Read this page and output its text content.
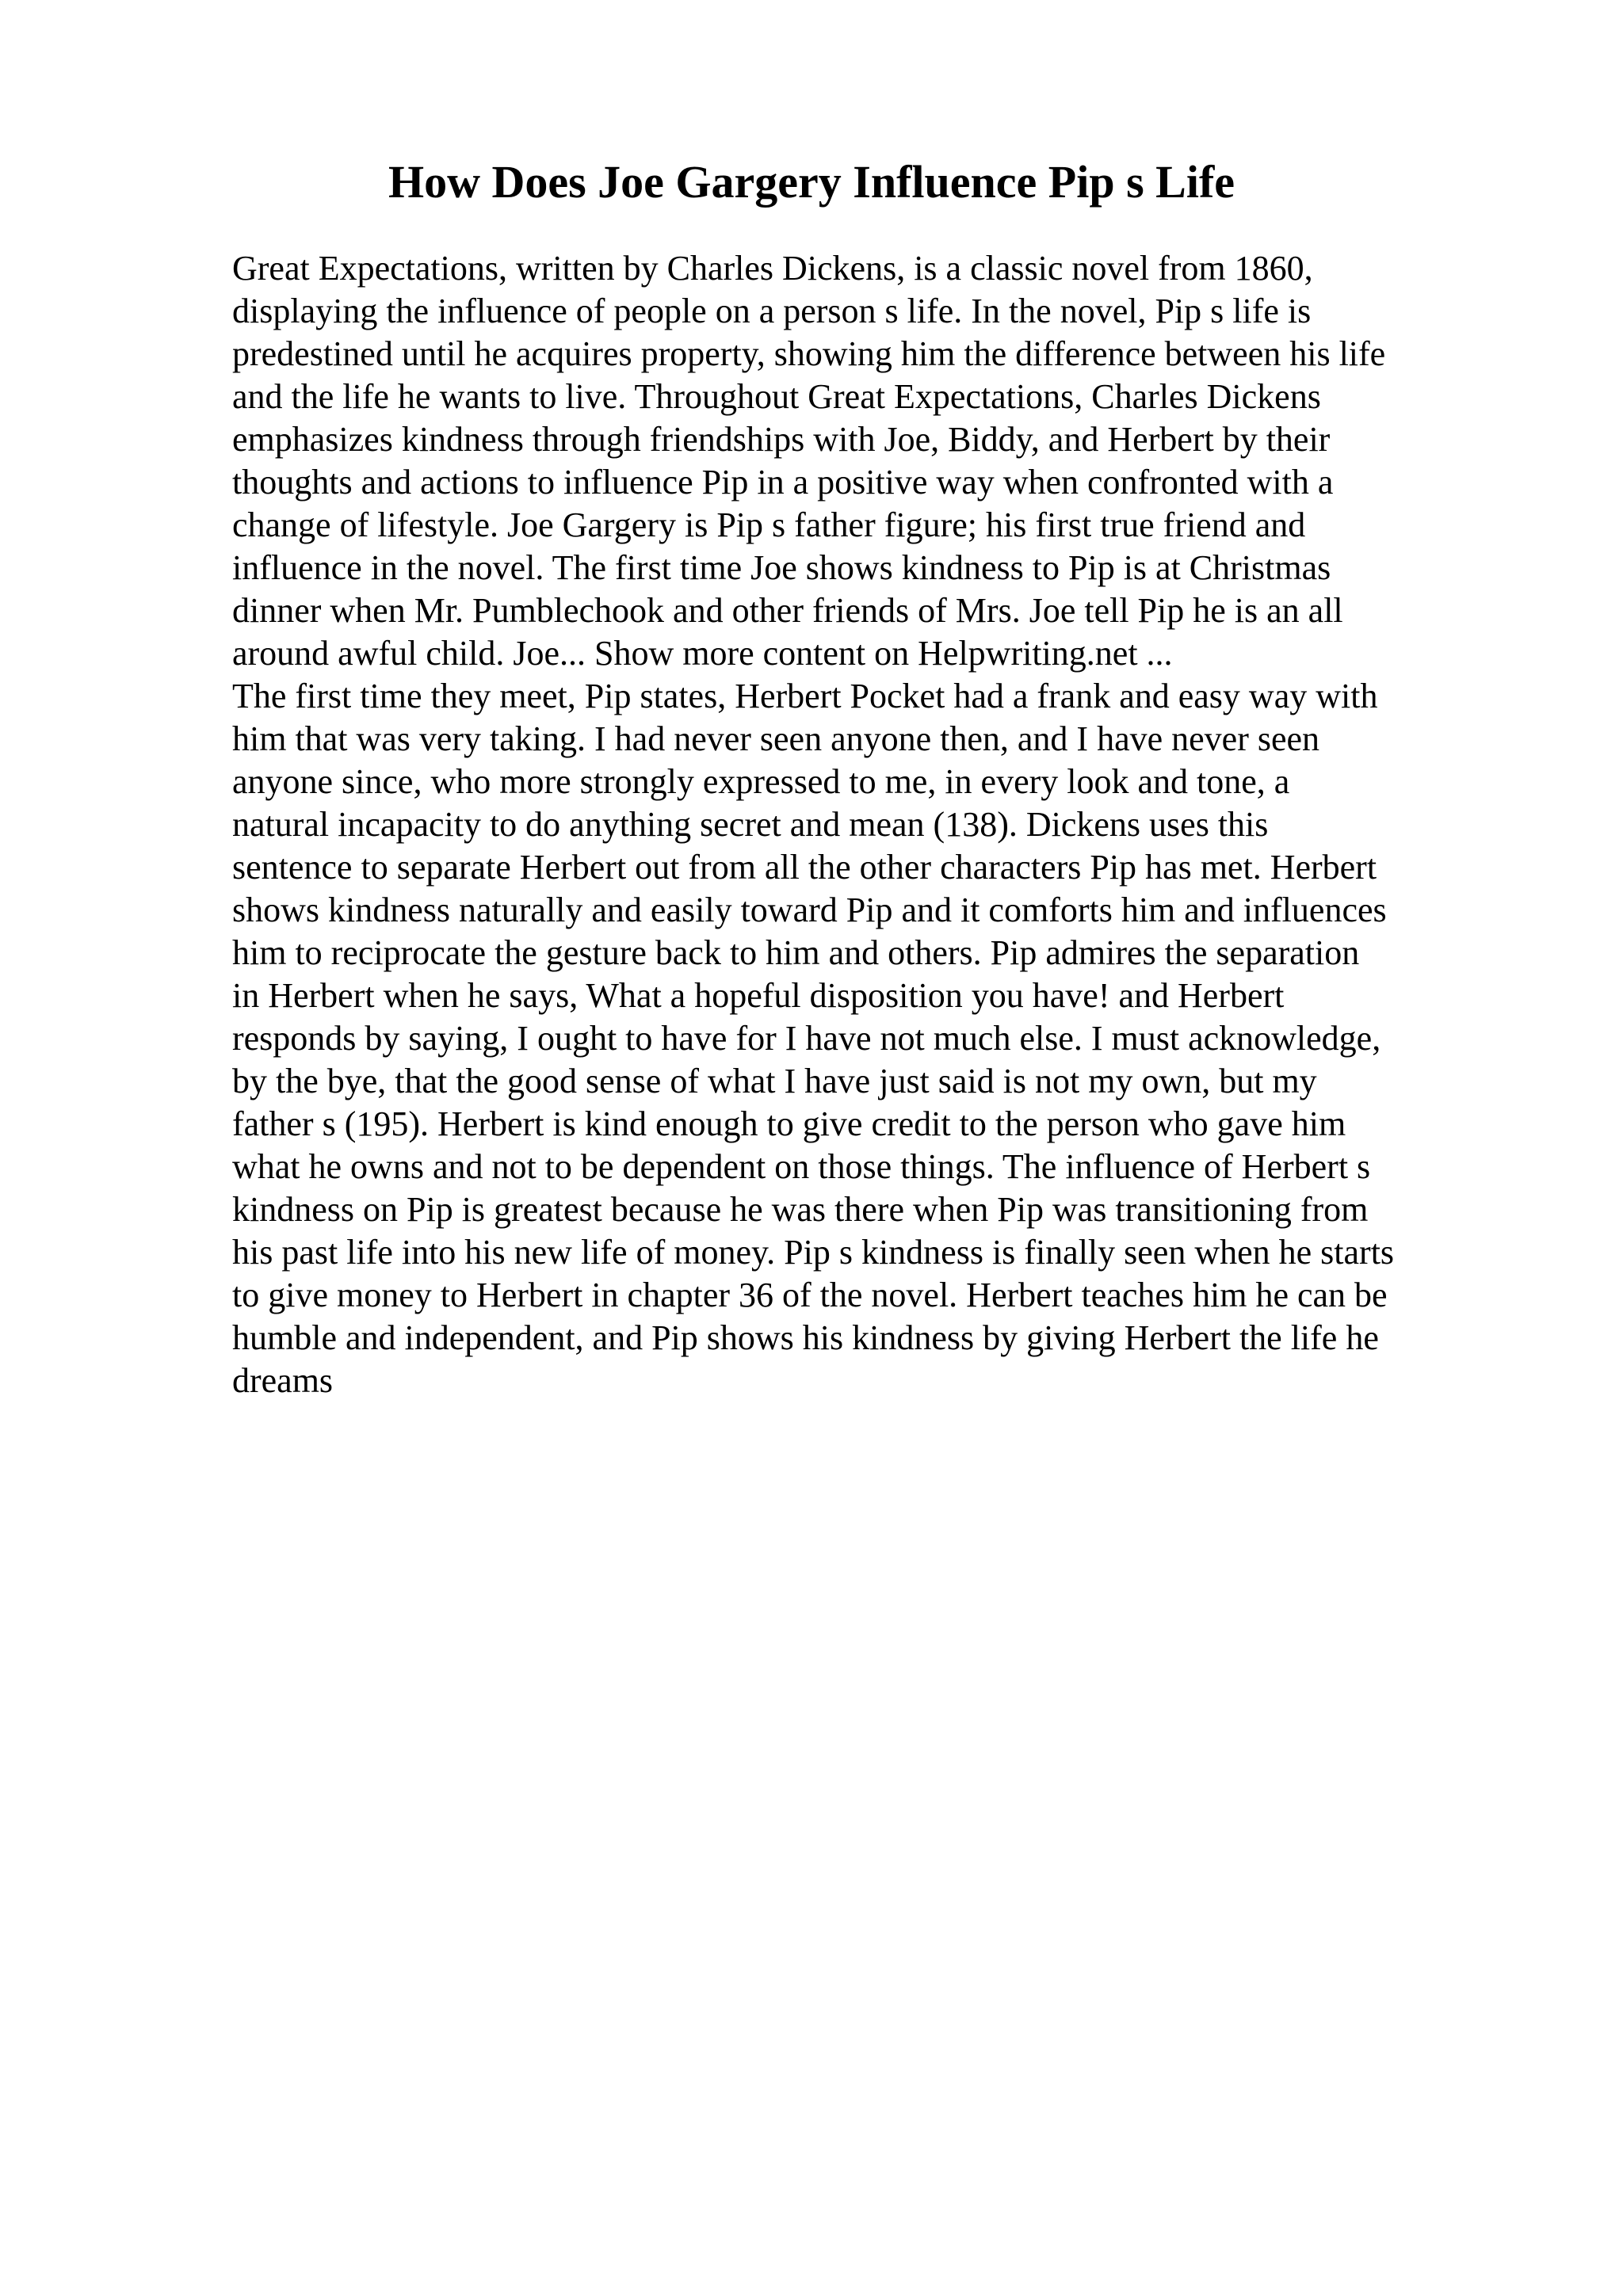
How Does Joe Gargery Influence Pip s Life
Great Expectations, written by Charles Dickens, is a classic novel from 1860,
displaying the influence of people on a person s life. In the novel, Pip s life is
predestined until he acquires property, showing him the difference between his life
and the life he wants to live. Throughout Great Expectations, Charles Dickens
emphasizes kindness through friendships with Joe, Biddy, and Herbert by their
thoughts and actions to influence Pip in a positive way when confronted with a
change of lifestyle. Joe Gargery is Pip s father figure; his first true friend and
influence in the novel. The first time Joe shows kindness to Pip is at Christmas
dinner when Mr. Pumblechook and other friends of Mrs. Joe tell Pip he is an all
around awful child. Joe... Show more content on Helpwriting.net ...
The first time they meet, Pip states, Herbert Pocket had a frank and easy way with
him that was very taking. I had never seen anyone then, and I have never seen
anyone since, who more strongly expressed to me, in every look and tone, a
natural incapacity to do anything secret and mean (138). Dickens uses this
sentence to separate Herbert out from all the other characters Pip has met. Herbert
shows kindness naturally and easily toward Pip and it comforts him and influences
him to reciprocate the gesture back to him and others. Pip admires the separation
in Herbert when he says, What a hopeful disposition you have! and Herbert
responds by saying, I ought to have for I have not much else. I must acknowledge,
by the bye, that the good sense of what I have just said is not my own, but my
father s (195). Herbert is kind enough to give credit to the person who gave him
what he owns and not to be dependent on those things. The influence of Herbert s
kindness on Pip is greatest because he was there when Pip was transitioning from
his past life into his new life of money. Pip s kindness is finally seen when he starts
to give money to Herbert in chapter 36 of the novel. Herbert teaches him he can be
humble and independent, and Pip shows his kindness by giving Herbert the life he
dreams
